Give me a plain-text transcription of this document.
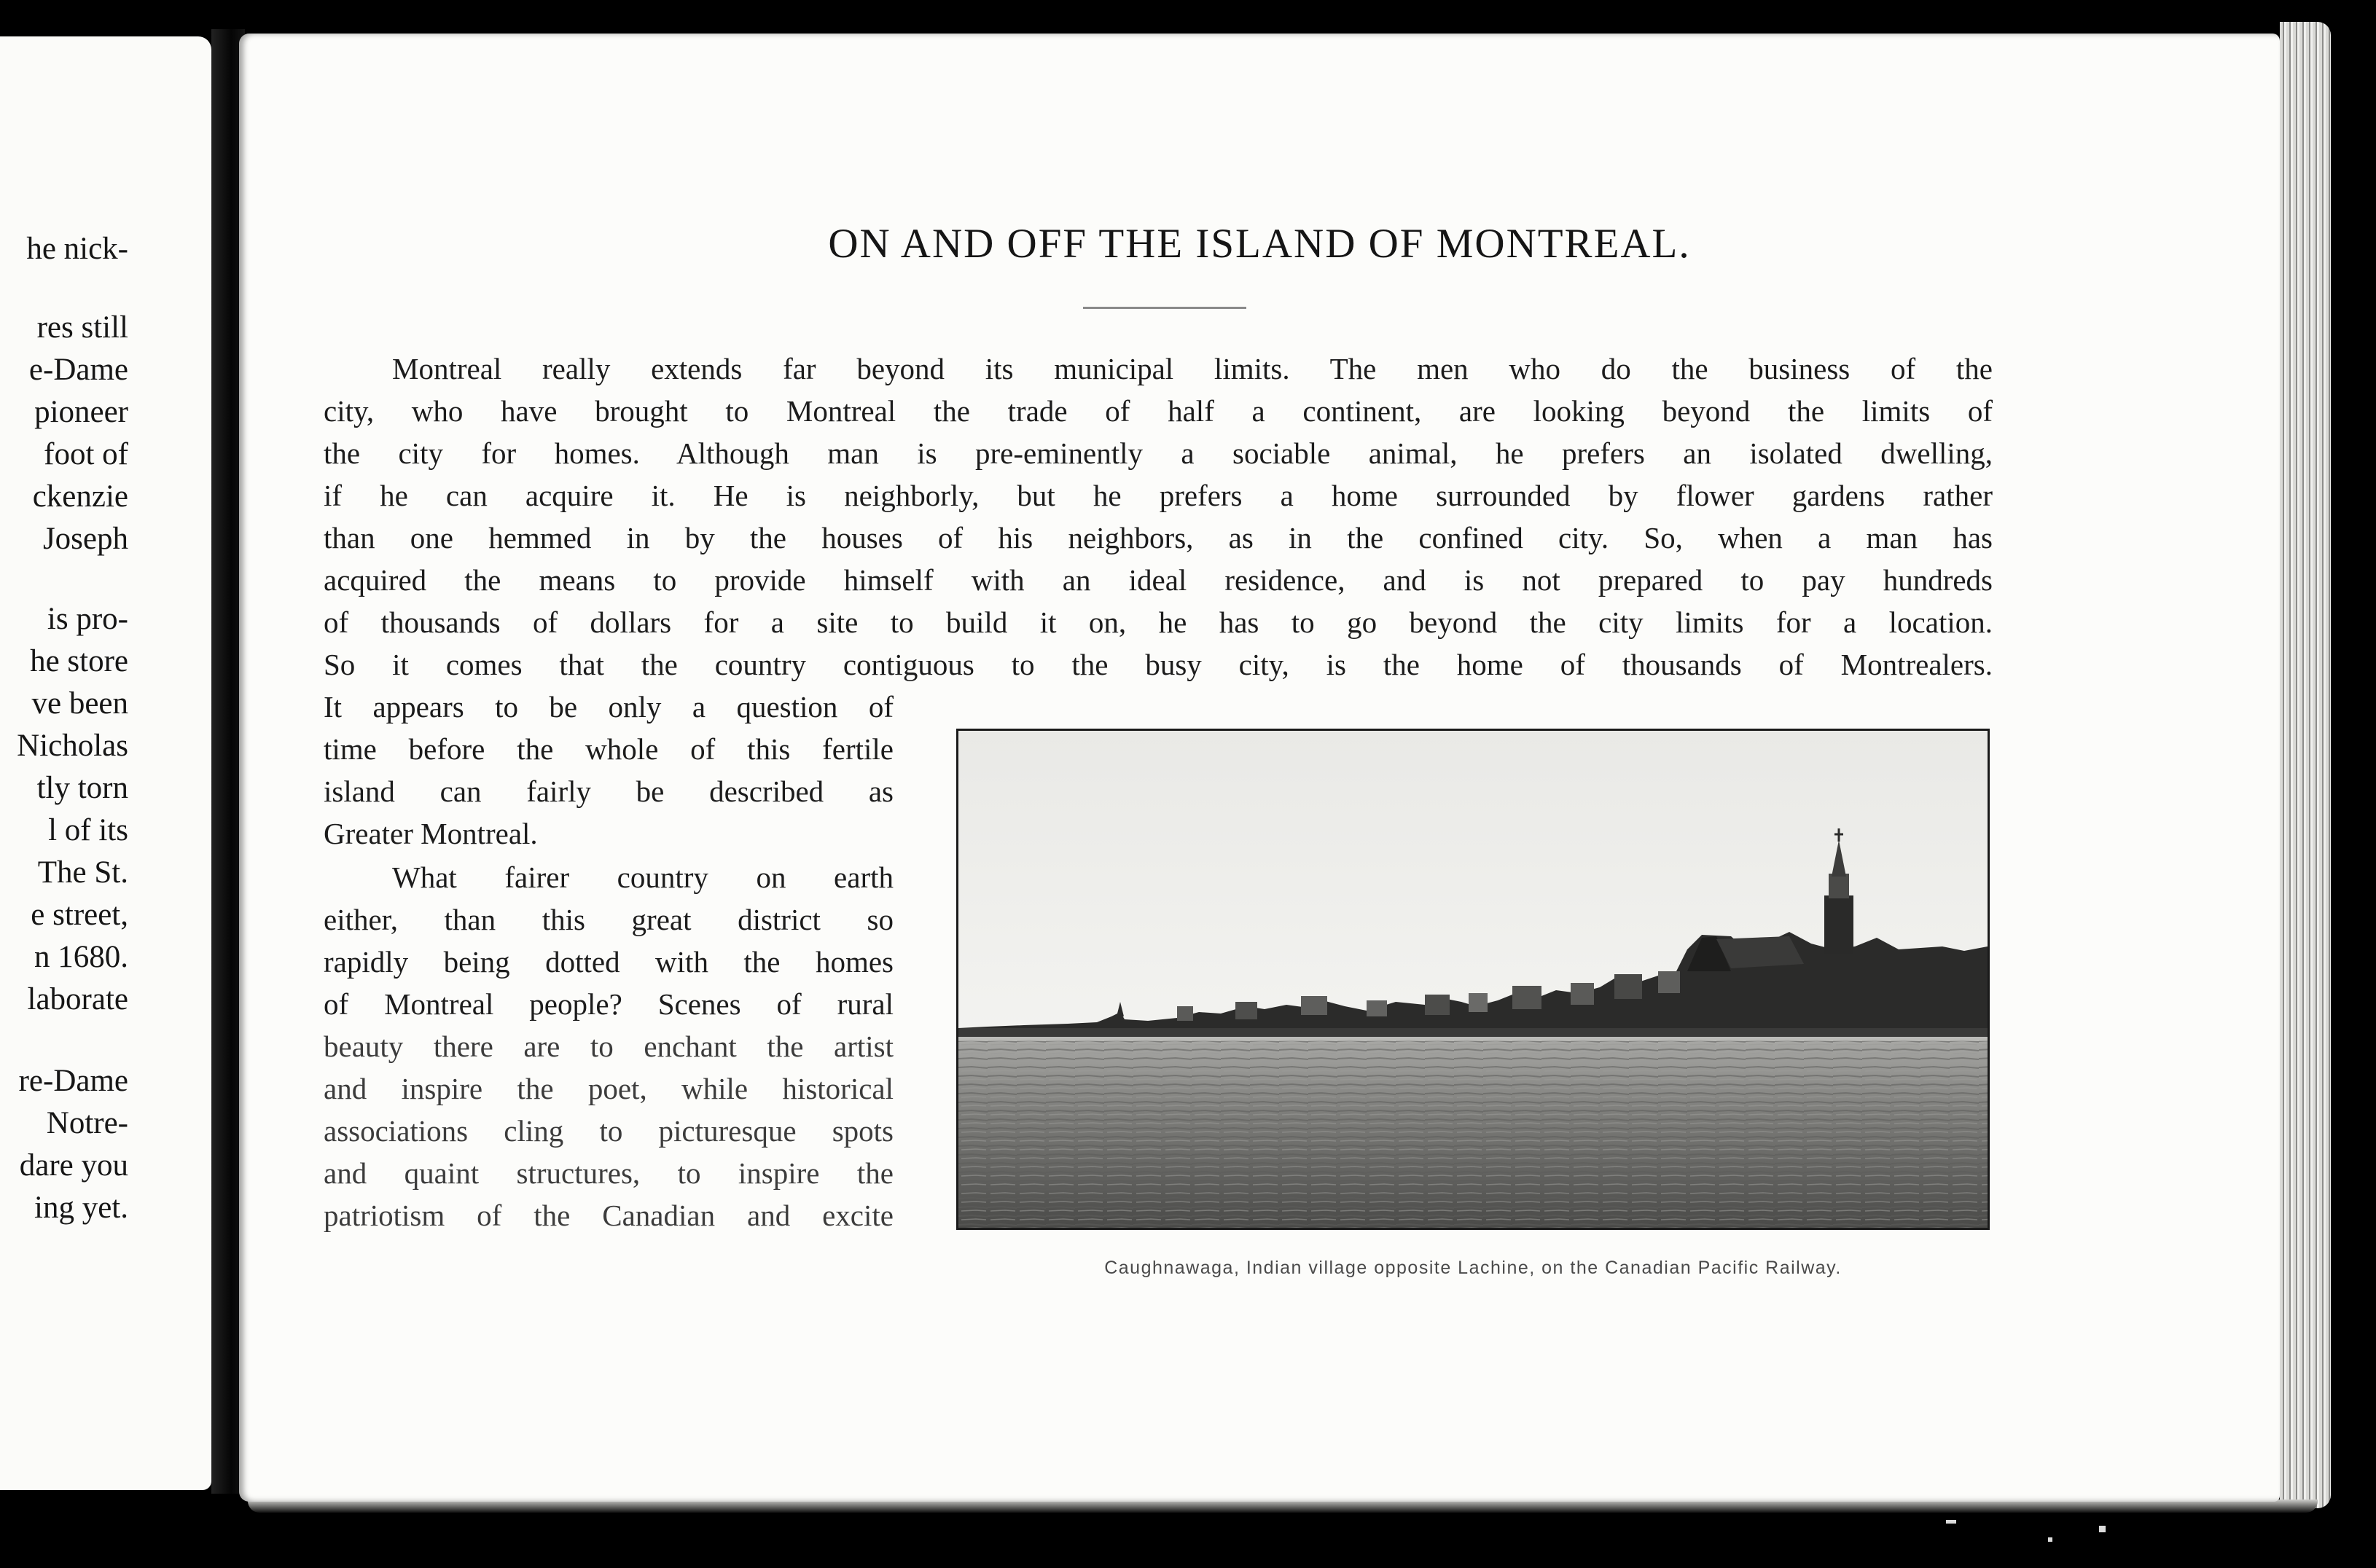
he nick-
res still
e-Dame
pioneer
foot of
ckenzie
Joseph
is pro-
he store
ve been
Nicholas
tly torn
l of its
The St.
e street,
n 1680.
laborate
re-Dame
Notre-
dare you
ing yet.
ON AND OFF THE ISLAND OF MONTREAL.
Montreal really extends far beyond its municipal limits. The men who do the business of the
city, who have brought to Montreal the trade of half a continent, are looking beyond the limits of
the city for homes. Although man is pre-eminently a sociable animal, he prefers an isolated dwelling,
if he can acquire it. He is neighborly, but he prefers a home surrounded by flower gardens rather
than one hemmed in by the houses of his neighbors, as in the confined city. So, when a man has
acquired the means to provide himself with an ideal residence, and is not prepared to pay hundreds
of thousands of dollars for a site to build it on, he has to go beyond the city limits for a location.
So it comes that the country contiguous to the busy city, is the home of thousands of Montrealers.
It appears to be only a question of
time before the whole of this fertile
island can fairly be described as
Greater Montreal.
What fairer country on earth
either, than this great district so
rapidly being dotted with the homes
of Montreal people? Scenes of rural
beauty there are to enchant the artist
and inspire the poet, while historical
associations cling to picturesque spots
and quaint structures, to inspire the
patriotism of the Canadian and excite
Caughnawaga, Indian village opposite Lachine, on the Canadian Pacific Railway.
